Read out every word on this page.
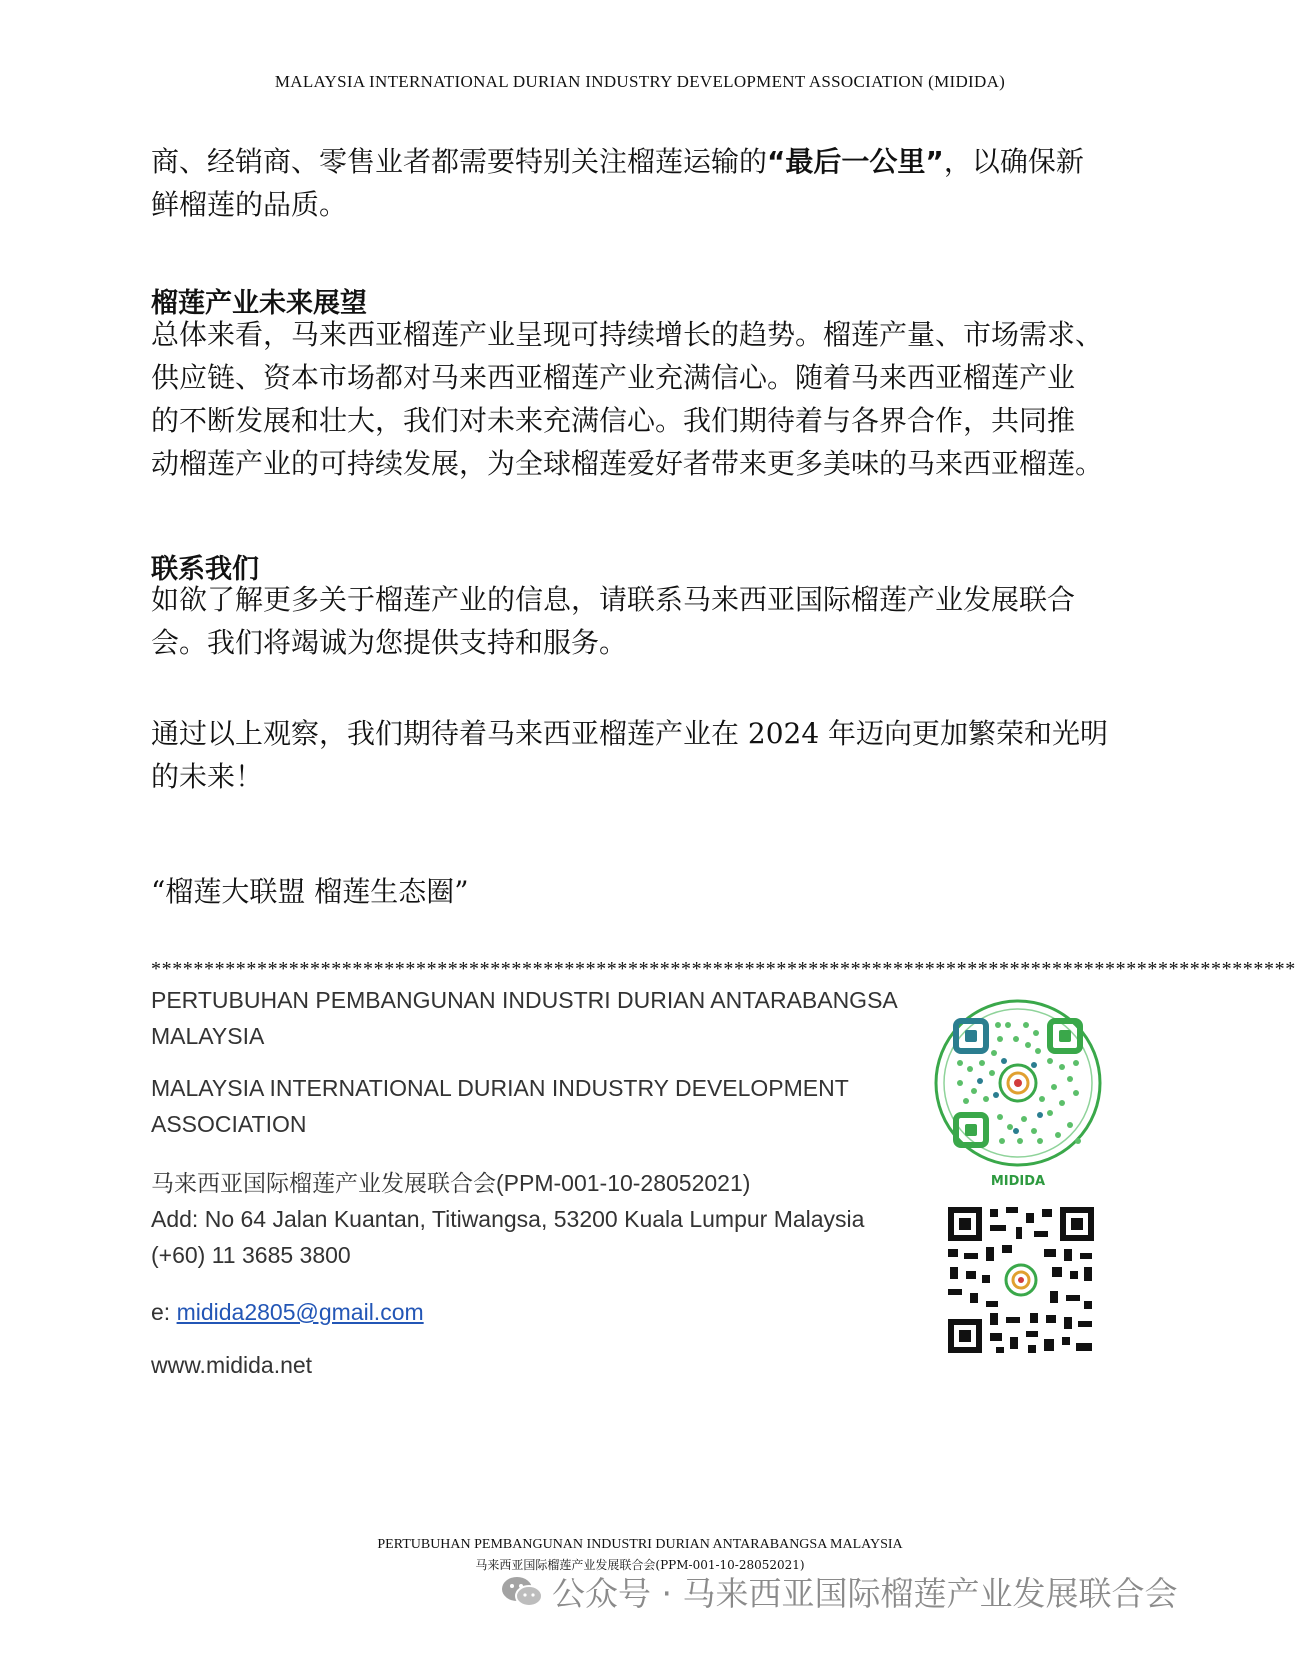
MALAYSIA INTERNATIONAL DURIAN INDUSTRY DEVELOPMENT ASSOCIATION (MIDIDA)
商、经销商、零售业者都需要特别关注榴莲运输的“最后一公里”，以确保新
鲜榴莲的品质。
榴莲产业未来展望
总体来看，马来西亚榴莲产业呈现可持续增长的趋势。榴莲产量、市场需求、
供应链、资本市场都对马来西亚榴莲产业充满信心。随着马来西亚榴莲产业
的不断发展和壮大，我们对未来充满信心。我们期待着与各界合作，共同推
动榴莲产业的可持续发展，为全球榴莲爱好者带来更多美味的马来西亚榴莲。
联系我们
如欲了解更多关于榴莲产业的信息，请联系马来西亚国际榴莲产业发展联合
会。我们将竭诚为您提供支持和服务。
通过以上观察，我们期待着马来西亚榴莲产业在 2024 年迈向更加繁荣和光明
的未来！
“榴莲大联盟 榴莲生态圈”
************************************************************************************************************
PERTUBUHAN PEMBANGUNAN INDUSTRI DURIAN ANTARABANGSA
MALAYSIA
MALAYSIA INTERNATIONAL DURIAN INDUSTRY DEVELOPMENT
ASSOCIATION
马来西亚国际榴莲产业发展联合会(PPM-001-10-28052021)
Add: No 64 Jalan Kuantan, Titiwangsa, 53200 Kuala Lumpur Malaysia
(+60) 11 3685 3800
e: midida2805@gmail.com
www.midida.net
MIDIDA
PERTUBUHAN PEMBANGUNAN INDUSTRI DURIAN ANTARABANGSA MALAYSIA
马来西亚国际榴莲产业发展联合会(PPM-001-10-28052021)
公众号 · 马来西亚国际榴莲产业发展联合会
